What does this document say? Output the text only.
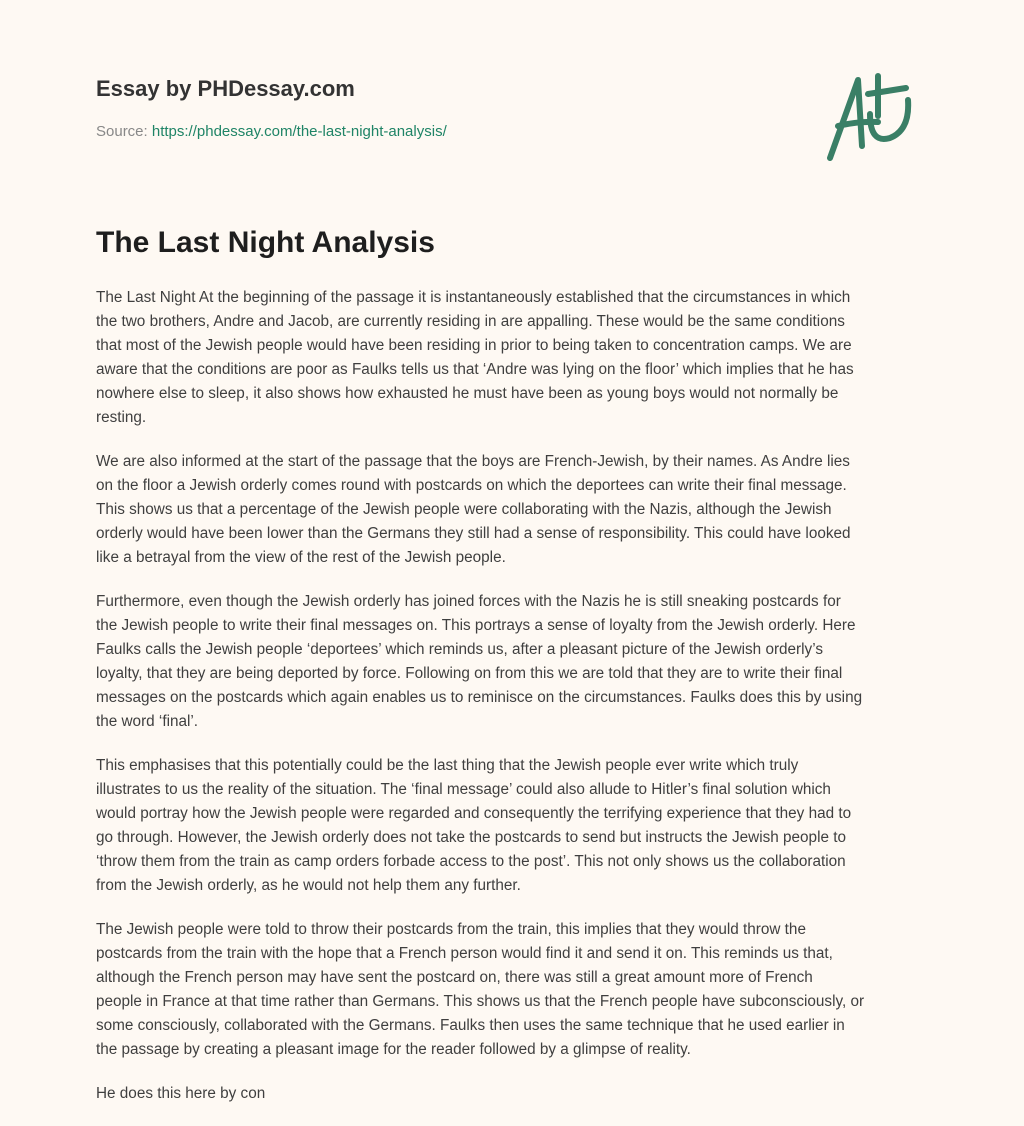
Essay by PHDessay.com
Source: https://phdessay.com/the-last-night-analysis/
The Last Night Analysis

The Last Night At the beginning of the passage it is instantaneously established that the circumstances in which
the two brothers, Andre and Jacob, are currently residing in are appalling. These would be the same conditions
that most of the Jewish people would have been residing in prior to being taken to concentration camps. We are
aware that the conditions are poor as Faulks tells us that ‘Andre was lying on the floor’ which implies that he has
nowhere else to sleep, it also shows how exhausted he must have been as young boys would not normally be
resting.

We are also informed at the start of the passage that the boys are French-Jewish, by their names. As Andre lies
on the floor a Jewish orderly comes round with postcards on which the deportees can write their final message.
This shows us that a percentage of the Jewish people were collaborating with the Nazis, although the Jewish
orderly would have been lower than the Germans they still had a sense of responsibility. This could have looked
like a betrayal from the view of the rest of the Jewish people.

Furthermore, even though the Jewish orderly has joined forces with the Nazis he is still sneaking postcards for
the Jewish people to write their final messages on. This portrays a sense of loyalty from the Jewish orderly. Here
Faulks calls the Jewish people ‘deportees’ which reminds us, after a pleasant picture of the Jewish orderly’s
loyalty, that they are being deported by force. Following on from this we are told that they are to write their final
messages on the postcards which again enables us to reminisce on the circumstances. Faulks does this by using
the word ‘final’.

This emphasises that this potentially could be the last thing that the Jewish people ever write which truly
illustrates to us the reality of the situation. The ‘final message’ could also allude to Hitler’s final solution which
would portray how the Jewish people were regarded and consequently the terrifying experience that they had to
go through. However, the Jewish orderly does not take the postcards to send but instructs the Jewish people to
‘throw them from the train as camp orders forbade access to the post’. This not only shows us the collaboration
from the Jewish orderly, as he would not help them any further.

The Jewish people were told to throw their postcards from the train, this implies that they would throw the
postcards from the train with the hope that a French person would find it and send it on. This reminds us that,
although the French person may have sent the postcard on, there was still a great amount more of French
people in France at that time rather than Germans. This shows us that the French people have subconsciously, or
some consciously, collaborated with the Germans. Faulks then uses the same technique that he used earlier in
the passage by creating a pleasant image for the reader followed by a glimpse of reality.

He does this here by con
